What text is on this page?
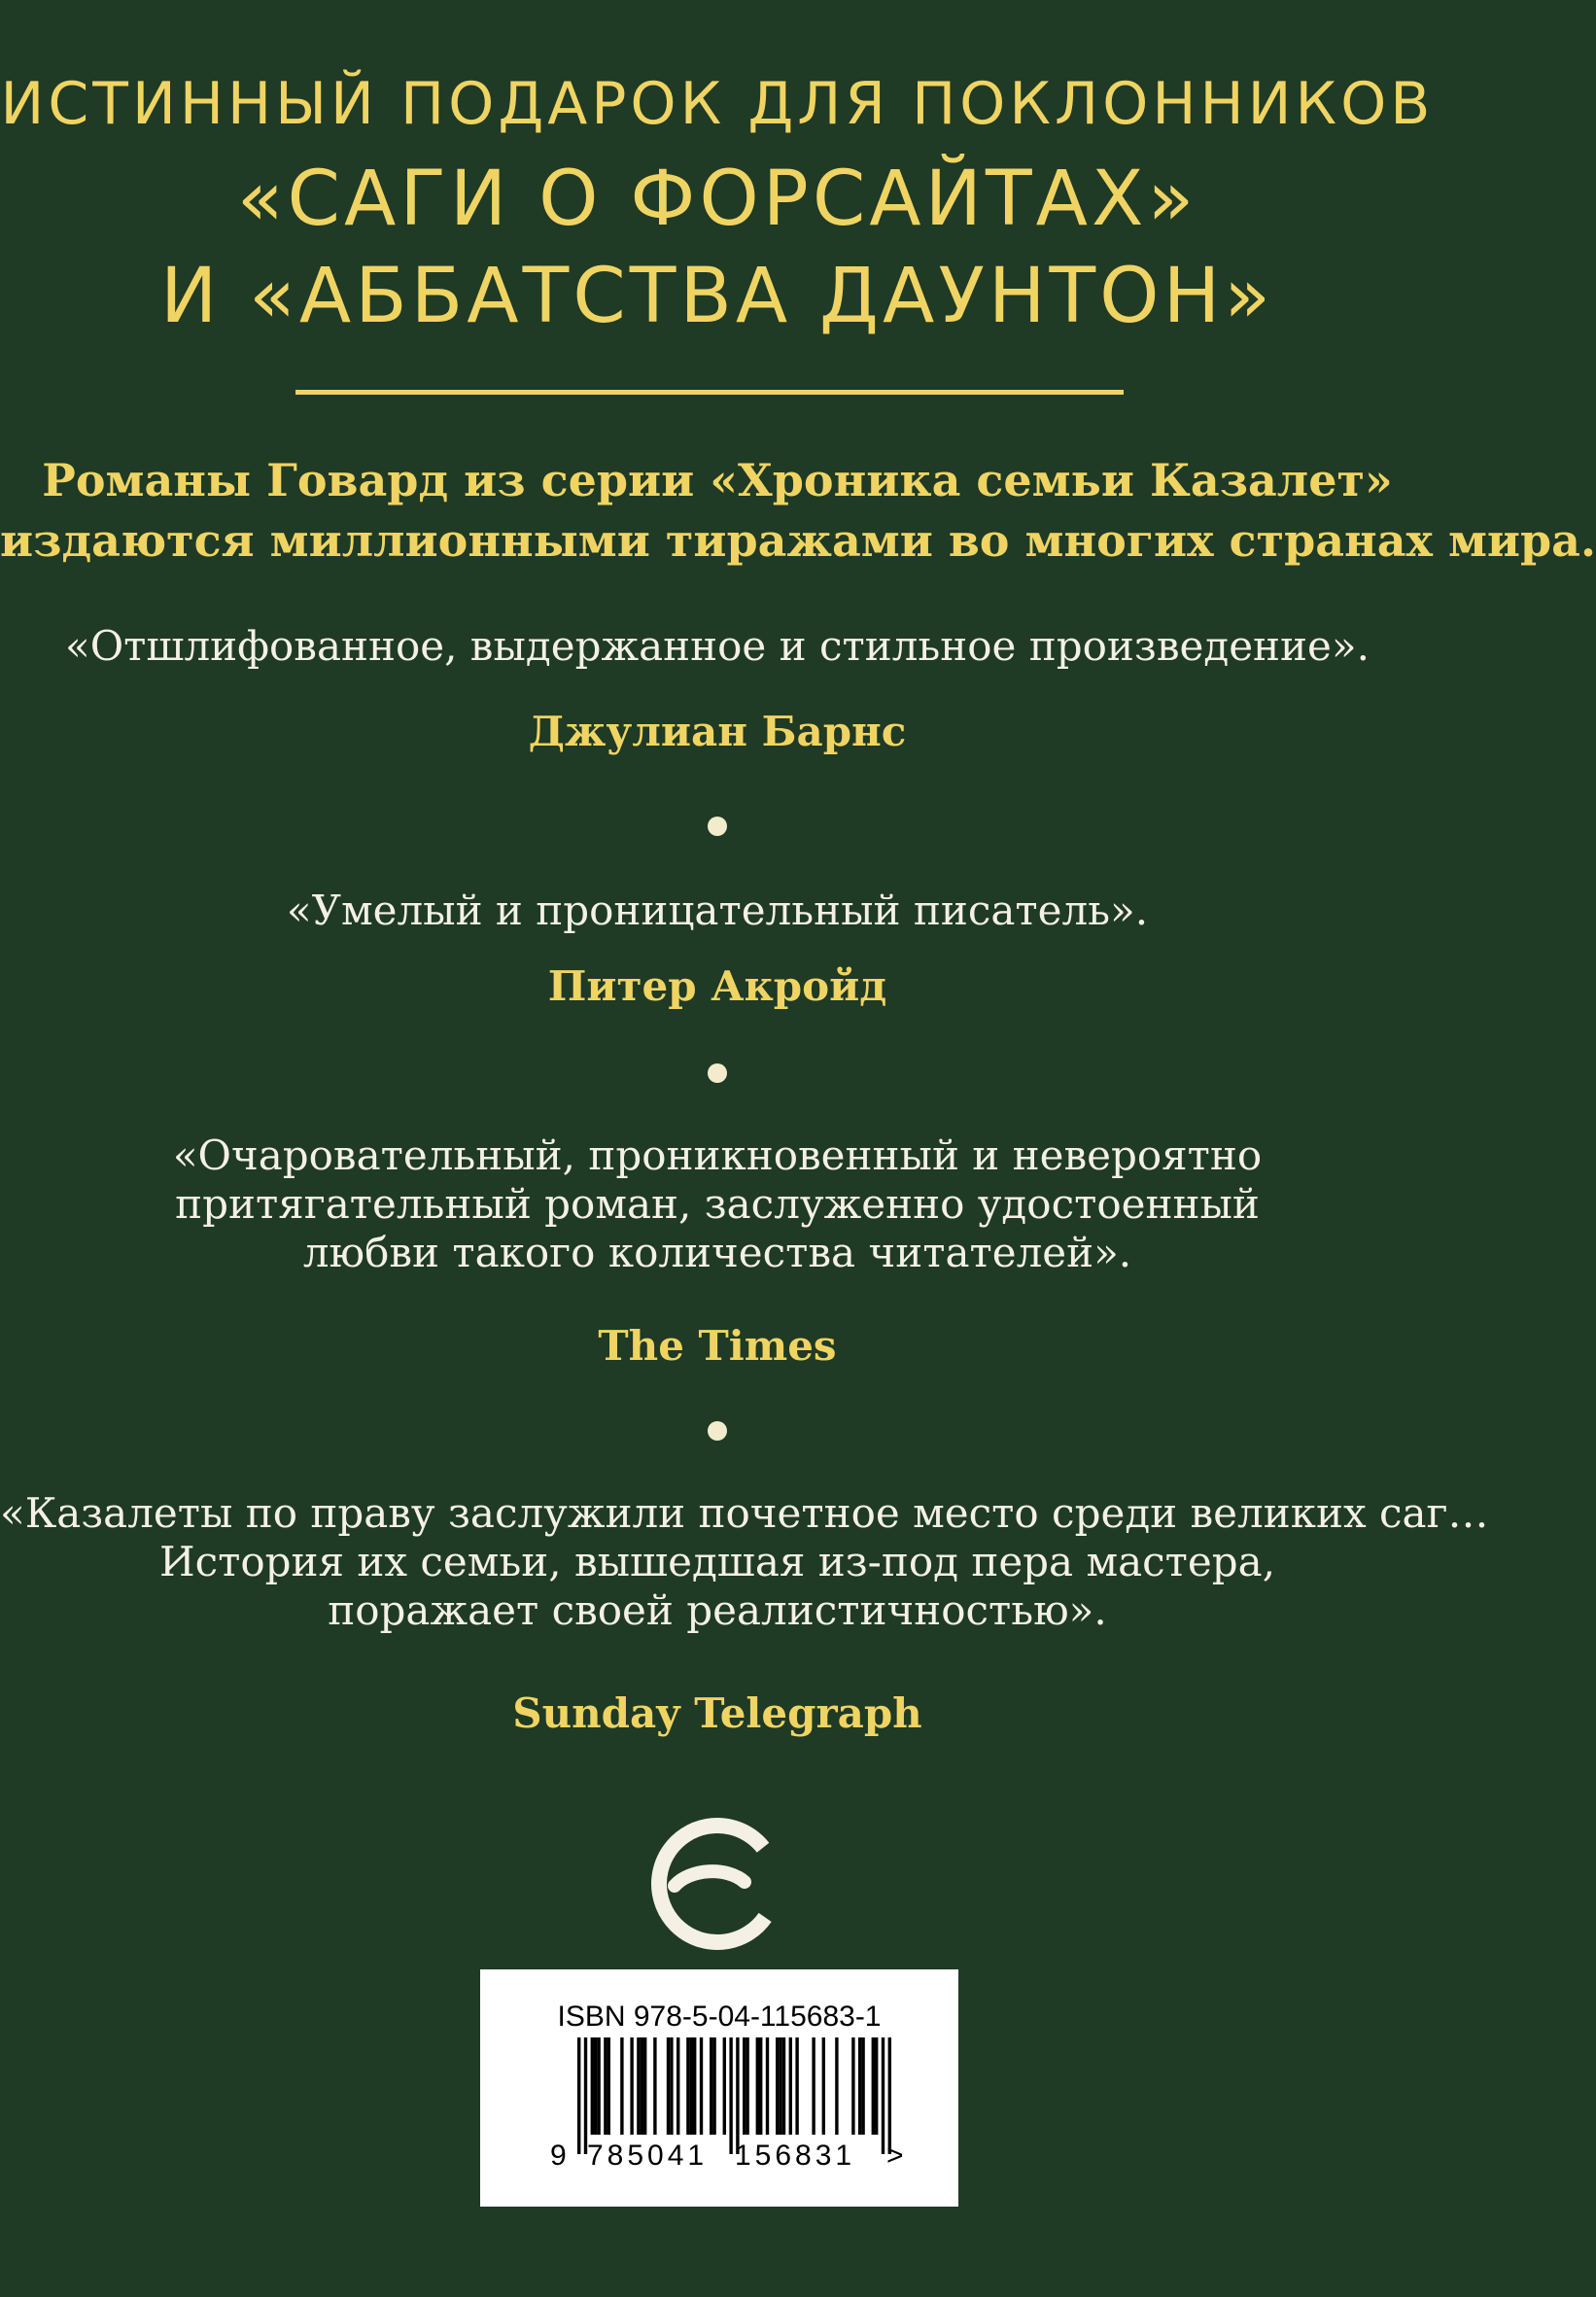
ИСТИННЫЙ ПОДАРОК ДЛЯ ПОКЛОННИКОВ
«САГИ О ФОРСАЙТАХ»
И «АББАТСТВА ДАУНТОН»
Романы Говард из серии «Хроника семьи Казалет»
издаются миллионными тиражами во многих странах мира.
«Отшлифованное, выдержанное и стильное произведение».
Джулиан Барнс
«Умелый и проницательный писатель».
Питер Акройд
«Очаровательный, проникновенный и невероятно
притягательный роман, заслуженно удостоенный
любви такого количества читателей».
The Times
«Казалеты по праву заслужили почетное место среди великих саг…
История их семьи, вышедшая из-под пера мастера,
поражает своей реалистичностью».
Sunday Telegraph
ISBN 978-5-04-115683-1
9 785041 156831 >
